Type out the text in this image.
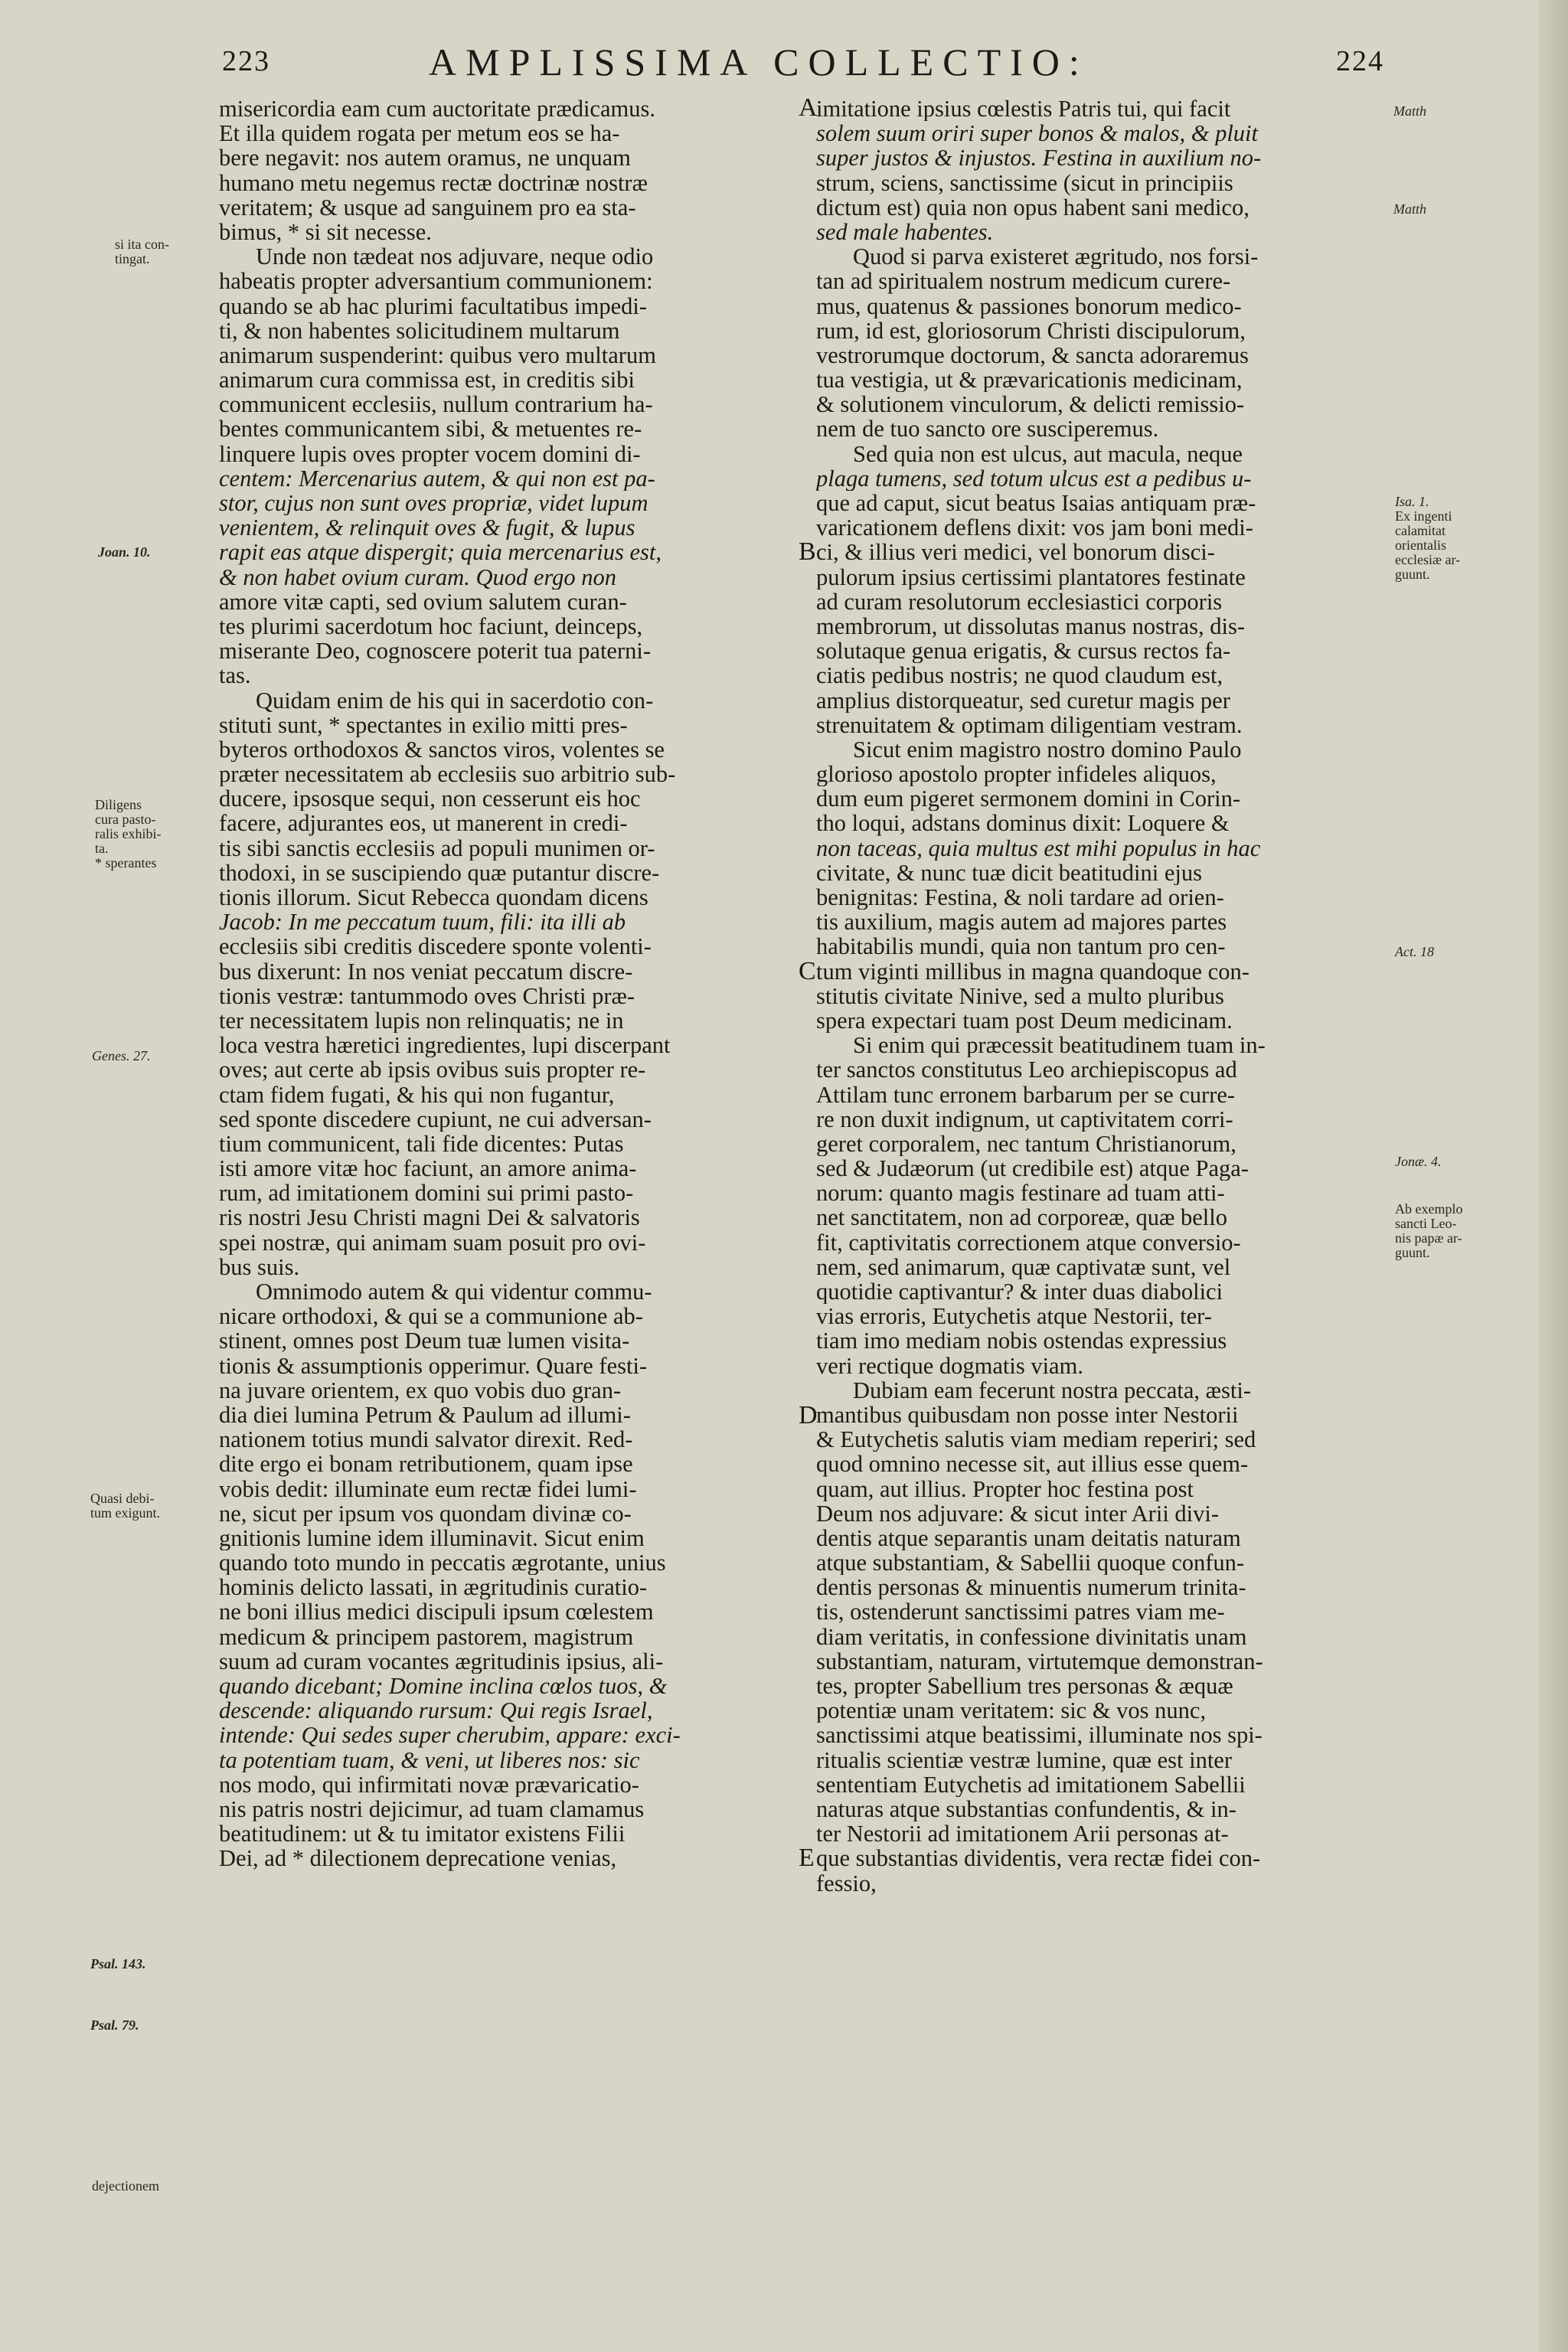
223	AMPLISSIMA COLLECTIO:	224
misericordia eam cum auctoritate prædicamus.
Et illa quidem rogata per metum eos se ha-
bere negavit: nos autem oramus, ne unquam
humano metu negemus rectæ doctrinæ nostræ
veritatem; & usque ad sanguinem pro ea sta-
bimus, * si sit necesse.
Unde non tædeat nos adjuvare, neque odio
habeatis propter adversantium communionem:
quando se ab hac plurimi facultatibus impedi-
ti, & non habentes solicitudinem multarum
animarum suspenderint: quibus vero multarum
animarum cura commissa est, in creditis sibi
communicent ecclesiis, nullum contrarium ha-
bentes communicantem sibi, & metuentes re-
linquere lupis oves propter vocem domini di-
centem: Mercenarius autem, & qui non est pa-
stor, cujus non sunt oves propriæ, videt lupum
venientem, & relinquit oves & fugit, & lupus
rapit eas atque dispergit; quia mercenarius est,
& non habet ovium curam. Quod ergo non
amore vitæ capti, sed ovium salutem curan-
tes plurimi sacerdotum hoc faciunt, deinceps,
miserante Deo, cognoscere poterit tua paterni-
tas.
Quidam enim de his qui in sacerdotio con-
stituti sunt, * spectantes in exilio mitti pres-
byteros orthodoxos & sanctos viros, volentes se
præter necessitatem ab ecclesiis suo arbitrio sub-
ducere, ipsosque sequi, non cesserunt eis hoc
facere, adjurantes eos, ut manerent in credi-
tis sibi sanctis ecclesiis ad populi munimen or-
thodoxi, in se suscipiendo quæ putantur discre-
tionis illorum. Sicut Rebecca quondam dicens
Jacob: In me peccatum tuum, fili: ita illi ab
ecclesiis sibi creditis discedere sponte volenti-
bus dixerunt: In nos veniat peccatum discre-
tionis vestræ: tantummodo oves Christi præ-
ter necessitatem lupis non relinquatis; ne in
loca vestra hæretici ingredientes, lupi discerpant
oves; aut certe ab ipsis ovibus suis propter re-
ctam fidem fugati, & his qui non fugantur,
sed sponte discedere cupiunt, ne cui adversan-
tium communicent, tali fide dicentes: Putas
isti amore vitæ hoc faciunt, an amore anima-
rum, ad imitationem domini sui primi pasto-
ris nostri Jesu Christi magni Dei & salvatoris
spei nostræ, qui animam suam posuit pro ovi-
bus suis.
Omnimodo autem & qui videntur commu-
nicare orthodoxi, & qui se a communione ab-
stinent, omnes post Deum tuæ lumen visita-
tionis & assumptionis opperimur. Quare festi-
na juvare orientem, ex quo vobis duo gran-
dia diei lumina Petrum & Paulum ad illumi-
nationem totius mundi salvator direxit. Red-
dite ergo ei bonam retributionem, quam ipse
vobis dedit: illuminate eum rectæ fidei lumi-
ne, sicut per ipsum vos quondam divinæ co-
gnitionis lumine idem illuminavit. Sicut enim
quando toto mundo in peccatis ægrotante, unius
hominis delicto lassati, in ægritudinis curatio-
ne boni illius medici discipuli ipsum cœlestem
medicum & principem pastorem, magistrum
suum ad curam vocantes ægritudinis ipsius, ali-
quando dicebant; Domine inclina cœlos tuos, &
descende: aliquando rursum: Qui regis Israel,
intende: Qui sedes super cherubim, appare: exci-
ta potentiam tuam, & veni, ut liberes nos: sic
nos modo, qui infirmitati novæ prævaricatio-
nis patris nostri dejicimur, ad tuam clamamus
beatitudinem: ut & tu imitator existens Filii
Dei, ad * dilectionem deprecatione venias,
imitatione ipsius cœlestis Patris tui, qui facit
solem suum oriri super bonos & malos, & pluit
super justos & injustos. Festina in auxilium no-
strum, sciens, sanctissime (sicut in principiis
dictum est) quia non opus habent sani medico,
sed male habentes.
Quod si parva existeret ægritudo, nos forsi-
tan ad spiritualem nostrum medicum curere-
mus, quatenus & passiones bonorum medico-
rum, id est, gloriosorum Christi discipulorum,
vestrorumque doctorum, & sancta adoraremus
tua vestigia, ut & prævaricationis medicinam,
& solutionem vinculorum, & delicti remissio-
nem de tuo sancto ore susciperemus.
Sed quia non est ulcus, aut macula, neque
plaga tumens, sed totum ulcus est a pedibus u-
que ad caput, sicut beatus Isaias antiquam præ-
varicationem deflens dixit: vos jam boni medi-
ci, & illius veri medici, vel bonorum disci-
pulorum ipsius certissimi plantatores festinate
ad curam resolutorum ecclesiastici corporis
membrorum, ut dissolutas manus nostras, dis-
solutaque genua erigatis, & cursus rectos fa-
ciatis pedibus nostris; ne quod claudum est,
amplius distorqueatur, sed curetur magis per
strenuitatem & optimam diligentiam vestram.
Sicut enim magistro nostro domino Paulo
glorioso apostolo propter infideles aliquos,
dum eum pigeret sermonem domini in Corin-
tho loqui, adstans dominus dixit: Loquere &
non taceas, quia multus est mihi populus in hac
civitate, & nunc tuæ dicit beatitudini ejus
benignitas: Festina, & noli tardare ad orien-
tis auxilium, magis autem ad majores partes
habitabilis mundi, quia non tantum pro cen-
tum viginti millibus in magna quandoque con-
stitutis civitate Ninive, sed a multo pluribus
spera expectari tuam post Deum medicinam.
Si enim qui præcessit beatitudinem tuam in-
ter sanctos constitutus Leo archiepiscopus ad
Attilam tunc erronem barbarum per se curre-
re non duxit indignum, ut captivitatem corri-
geret corporalem, nec tantum Christianorum,
sed & Judæorum (ut credibile est) atque Paga-
norum: quanto magis festinare ad tuam atti-
net sanctitatem, non ad corporeæ, quæ bello
fit, captivitatis correctionem atque conversio-
nem, sed animarum, quæ captivatæ sunt, vel
quotidie captivantur? & inter duas diabolici
vias erroris, Eutychetis atque Nestorii, ter-
tiam imo mediam nobis ostendas expressius
veri rectique dogmatis viam.
Dubiam eam fecerunt nostra peccata, æsti-
mantibus quibusdam non posse inter Nestorii
& Eutychetis salutis viam mediam reperiri; sed
quod omnino necesse sit, aut illius esse quem-
quam, aut illius. Propter hoc festina post
Deum nos adjuvare: & sicut inter Arii divi-
dentis atque separantis unam deitatis naturam
atque substantiam, & Sabellii quoque confun-
dentis personas & minuentis numerum trinita-
tis, ostenderunt sanctissimi patres viam me-
diam veritatis, in confessione divinitatis unam
substantiam, naturam, virtutemque demonstran-
tes, propter Sabellium tres personas & æquæ
potentiæ unam veritatem: sic & vos nunc,
sanctissimi atque beatissimi, illuminate nos spi-
ritualis scientiæ vestræ lumine, quæ est inter
sententiam Eutychetis ad imitationem Sabellii
naturas atque substantias confundentis, & in-
ter Nestorii ad imitationem Arii personas at-
que substantias dividentis, vera rectæ fidei con-
fessio,
A
B
C
D
E
si ita con-
tingat.
Joan. 10.
Diligens
cura pasto-
ralis exhibi-
ta.
* sperantes
Genes. 27.
Quasi debi-
tum exigunt.
Psal. 143.
Psal. 79.
dejectionem
Matth
Matth
Isa. 1.
Ex ingenti
calamitat
orientalis
ecclesiæ ar-
guunt.
Act. 18
Jonæ. 4.
Ab exemplo
sancti Leo-
nis papæ ar-
guunt.
